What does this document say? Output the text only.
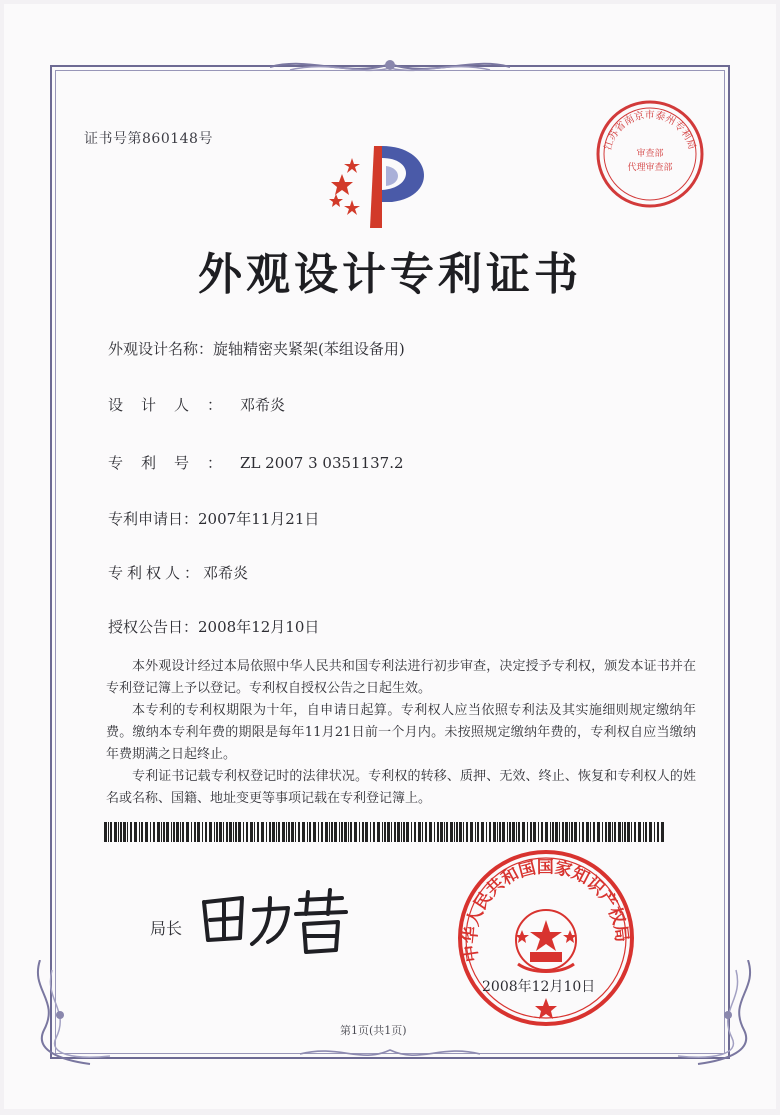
证书号第860148号	江苏省南京市泰州专利局
审查部
代理审查部
外观设计专利证书
外观设计名称：旋轴精密夹紧架(苯组设备用)
设计人：邓希炎
专利号：ZL 2007 3 0351137.2
专利申请日：2007年11月21日
专利权人：邓希炎
授权公告日：2008年12月10日
本外观设计经过本局依照中华人民共和国专利法进行初步审查，决定授予专利权，颁发本证书并在专利登记簿上予以登记。专利权自授权公告之日起生效。
本专利的专利权期限为十年，自申请日起算。专利权人应当依照专利法及其实施细则规定缴纳年费。缴纳本专利年费的期限是每年11月21日前一个月内。未按照规定缴纳年费的，专利权自应当缴纳年费期满之日起终止。
专利证书记载专利权登记时的法律状况。专利权的转移、质押、无效、终止、恢复和专利权人的姓名或名称、国籍、地址变更等事项记载在专利登记簿上。
局长
中华人民共和国国家知识产权局
2008年12月10日
第1页(共1页)
